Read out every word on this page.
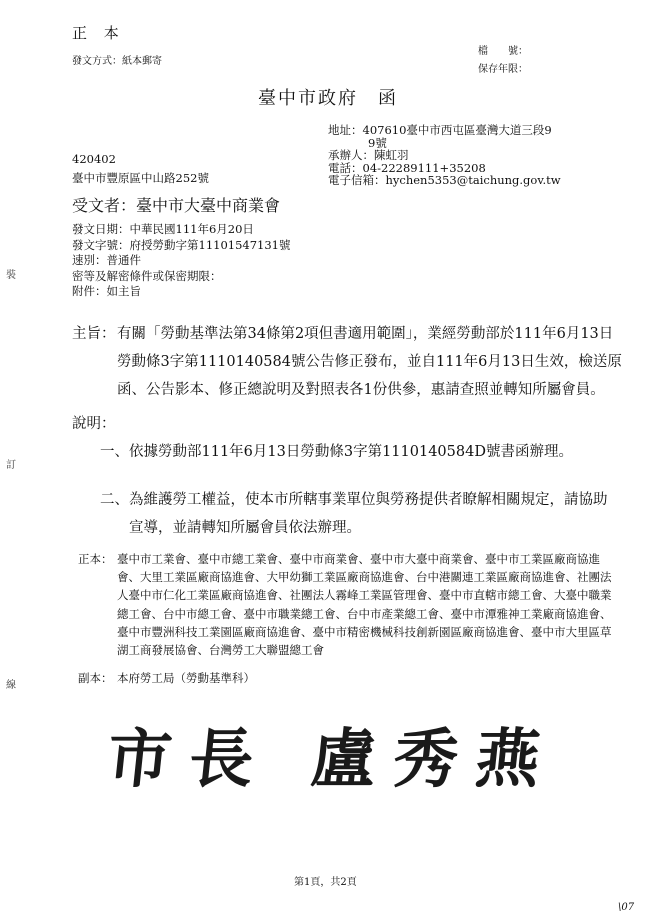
裝
訂
線
正 本
發文方式：紙本郵寄
檔　　號：
保存年限：
臺中市政府　函
地址：407610臺中市西屯區臺灣大道三段9
9號
承辦人：陳虹羽
電話：04-22289111+35208
電子信箱：hychen5353@taichung.gov.tw
420402
臺中市豐原區中山路252號
受文者：臺中市大臺中商業會
發文日期：中華民國111年6月20日
發文字號：府授勞動字第11101547131號
速別：普通件
密等及解密條件或保密期限：
附件：如主旨
主旨： 有關「勞動基準法第34條第2項但書適用範圍」，業經勞動部於111年6月13日勞動條3字第1110140584號公告修正發布，並自111年6月13日生效，檢送原函、公告影本、修正總說明及對照表各1份供參，惠請查照並轉知所屬會員。
說明：
一、 依據勞動部111年6月13日勞動條3字第1110140584D號書函辦理。
二、 為維護勞工權益，使本市所轄事業單位與勞務提供者瞭解相關規定，請協助宣導，並請轉知所屬會員依法辦理。
正本： 臺中市工業會、臺中市總工業會、臺中市商業會、臺中市大臺中商業會、臺中市工業區廠商協進會、大里工業區廠商協進會、大甲幼獅工業區廠商協進會、台中港關連工業區廠商協進會、社團法人臺中市仁化工業區廠商協進會、社團法人霧峰工業區管理會、臺中市直轄市總工會、大臺中職業總工會、台中市總工會、臺中市職業總工會、台中市產業總工會、臺中市潭雅神工業廠商協進會、臺中市豐洲科技工業園區廠商協進會、臺中市精密機械科技創新園區廠商協進會、臺中市大里區草湖工商發展協會、台灣勞工大聯盟總工會
副本： 本府勞工局（勞動基準科）
市長 盧秀燕
第1頁，共2頁
\07
